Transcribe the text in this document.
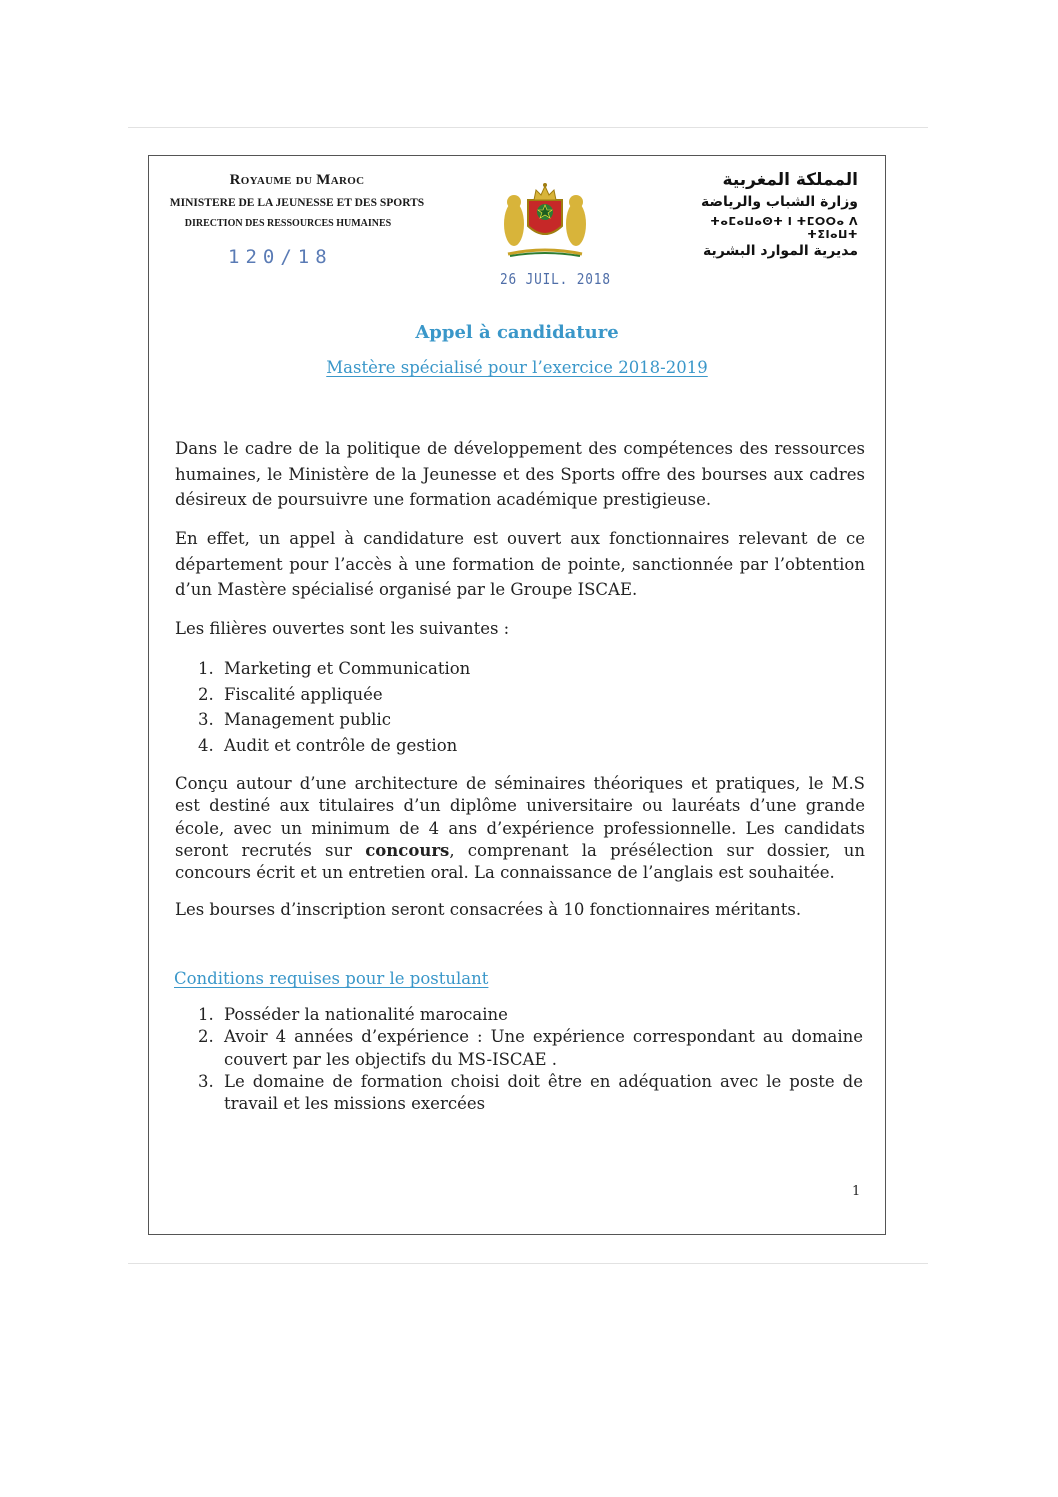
Royaume du Maroc
MINISTERE DE LA JEUNESSE ET DES SPORTS
DIRECTION DES RESSOURCES HUMAINES
120/18
26 JUIL. 2018
المملكة المغربية
وزارة الشباب والرياضة
ⵜⴰⵎⴰⵡⴰⵙⵜ ⵏ ⵜⵎⵔⵔⴰ ⴷ ⵜⵉⵏⴰⵡⵜ
مديرية الموارد البشرية
Appel à candidature
Mastère spécialisé pour l’exercice 2018-2019
Dans le cadre de la politique de développement des compétences des ressources humaines, le Ministère de la Jeunesse et des Sports offre des bourses aux cadres désireux de poursuivre une formation académique prestigieuse.
En effet, un appel à candidature est ouvert aux fonctionnaires relevant de ce département pour l’accès à une formation de pointe, sanctionnée par l’obtention d’un Mastère spécialisé organisé par le Groupe ISCAE.
Les filières ouvertes sont les suivantes :
1. Marketing et Communication
2. Fiscalité appliquée
3. Management public
4. Audit et contrôle de gestion
Conçu autour d’une architecture de séminaires théoriques et pratiques, le M.S est destiné aux titulaires d’un diplôme universitaire ou lauréats d’une grande école, avec un minimum de 4 ans d’expérience professionnelle. Les candidats seront recrutés sur concours, comprenant la présélection sur dossier, un concours écrit et un entretien oral. La connaissance de l’anglais est souhaitée.
Les bourses d’inscription seront consacrées à 10 fonctionnaires méritants.
Conditions requises pour le postulant
1. Posséder la nationalité marocaine
2. Avoir 4 années d’expérience : Une expérience correspondant au domaine couvert par les objectifs du MS-ISCAE .
3. Le domaine de formation choisi doit être en adéquation avec le poste de travail et les missions exercées
1
